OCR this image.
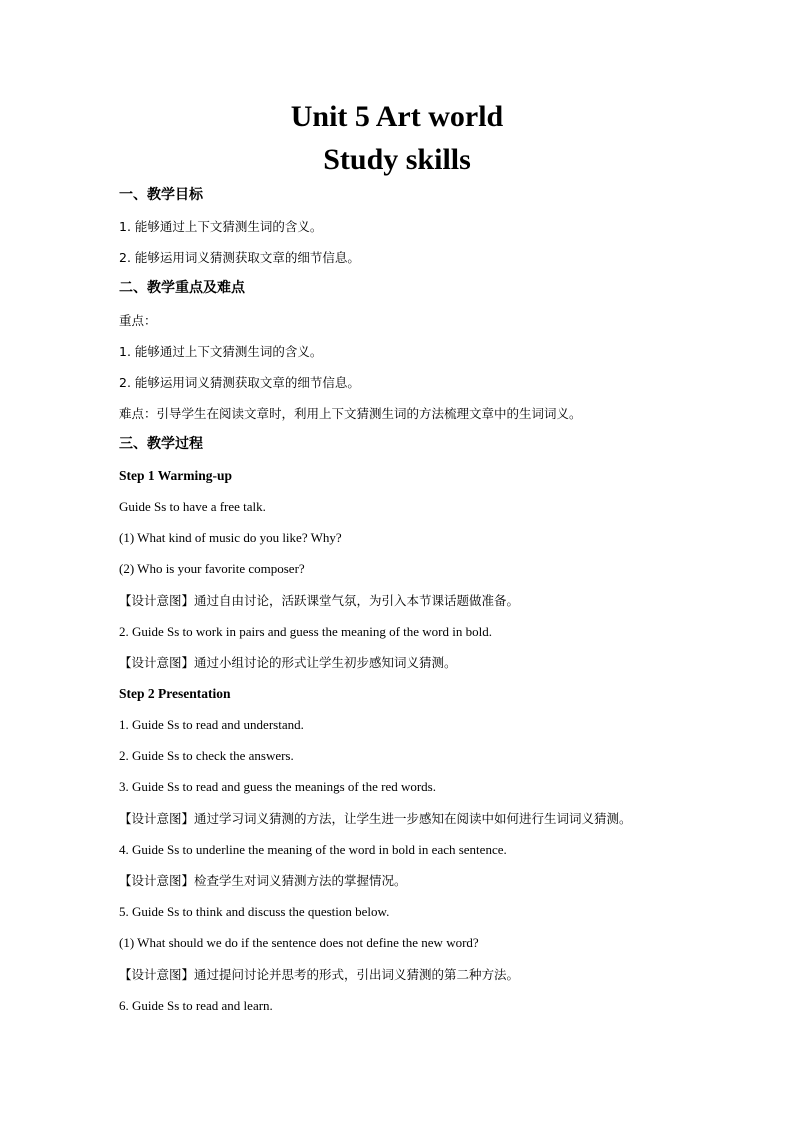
Unit 5 Art world
Study skills
一、教学目标
1. 能够通过上下文猜测生词的含义。
2. 能够运用词义猜测获取文章的细节信息。
二、教学重点及难点
重点：
1. 能够通过上下文猜测生词的含义。
2. 能够运用词义猜测获取文章的细节信息。
难点：引导学生在阅读文章时，利用上下文猜测生词的方法梳理文章中的生词词义。
三、教学过程
Step 1 Warming-up
Guide Ss to have a free talk.
(1) What kind of music do you like? Why?
(2) Who is your favorite composer?
【设计意图】通过自由讨论，活跃课堂气氛，为引入本节课话题做准备。
2. Guide Ss to work in pairs and guess the meaning of the word in bold.
【设计意图】通过小组讨论的形式让学生初步感知词义猜测。
Step 2 Presentation
1. Guide Ss to read and understand.
2. Guide Ss to check the answers.
3. Guide Ss to read and guess the meanings of the red words.
【设计意图】通过学习词义猜测的方法，让学生进一步感知在阅读中如何进行生词词义猜测。
4. Guide Ss to underline the meaning of the word in bold in each sentence.
【设计意图】检查学生对词义猜测方法的掌握情况。
5. Guide Ss to think and discuss the question below.
(1) What should we do if the sentence does not define the new word?
【设计意图】通过提问讨论并思考的形式，引出词义猜测的第二种方法。
6. Guide Ss to read and learn.
